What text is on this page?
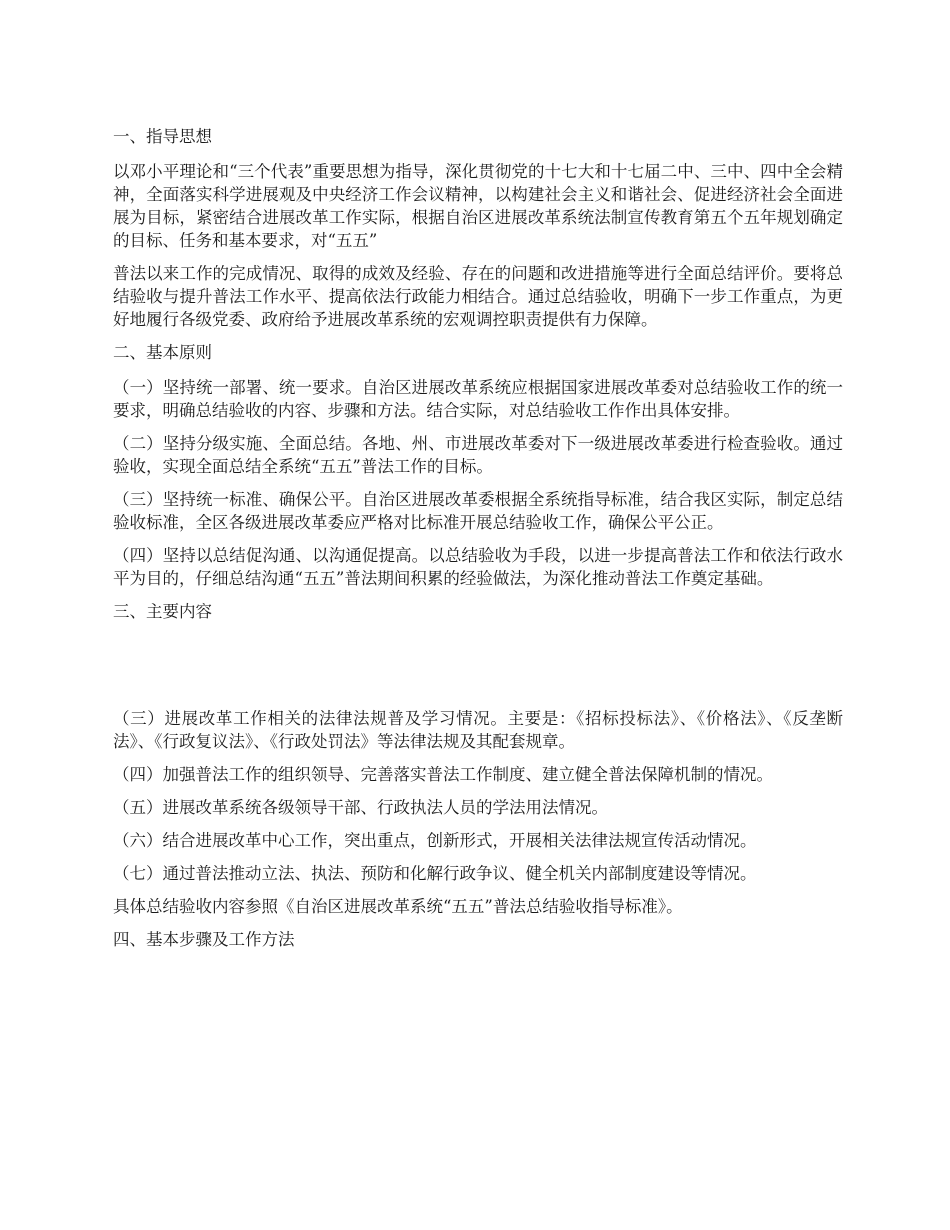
一、指导思想

以邓小平理论和“三个代表”重要思想为指导，深化贯彻党的十七大和十七届二中、三中、四中全会精神，全面落实科学进展观及中央经济工作会议精神，以构建社会主义和谐社会、促进经济社会全面进展为目标，紧密结合进展改革工作实际，根据自治区进展改革系统法制宣传教育第五个五年规划确定的目标、任务和基本要求，对“五五”

普法以来工作的完成情况、取得的成效及经验、存在的问题和改进措施等进行全面总结评价。要将总结验收与提升普法工作水平、提高依法行政能力相结合。通过总结验收，明确下一步工作重点，为更好地履行各级党委、政府给予进展改革系统的宏观调控职责提供有力保障。

二、基本原则

（一）坚持统一部署、统一要求。自治区进展改革系统应根据国家进展改革委对总结验收工作的统一要求，明确总结验收的内容、步骤和方法。结合实际，对总结验收工作作出具体安排。

（二）坚持分级实施、全面总结。各地、州、市进展改革委对下一级进展改革委进行检查验收。通过验收，实现全面总结全系统“五五”普法工作的目标。

（三）坚持统一标准、确保公平。自治区进展改革委根据全系统指导标准，结合我区实际，制定总结验收标准，全区各级进展改革委应严格对比标准开展总结验收工作，确保公平公正。

（四）坚持以总结促沟通、以沟通促提高。以总结验收为手段，以进一步提高普法工作和依法行政水平为目的，仔细总结沟通“五五”普法期间积累的经验做法，为深化推动普法工作奠定基础。

三、主要内容

（三）进展改革工作相关的法律法规普及学习情况。主要是：《招标投标法》、《价格法》、《反垄断法》、《行政复议法》、《行政处罚法》等法律法规及其配套规章。

（四）加强普法工作的组织领导、完善落实普法工作制度、建立健全普法保障机制的情况。

（五）进展改革系统各级领导干部、行政执法人员的学法用法情况。

（六）结合进展改革中心工作，突出重点，创新形式，开展相关法律法规宣传活动情况。

（七）通过普法推动立法、执法、预防和化解行政争议、健全机关内部制度建设等情况。

具体总结验收内容参照《自治区进展改革系统“五五”普法总结验收指导标准》。

四、基本步骤及工作方法
